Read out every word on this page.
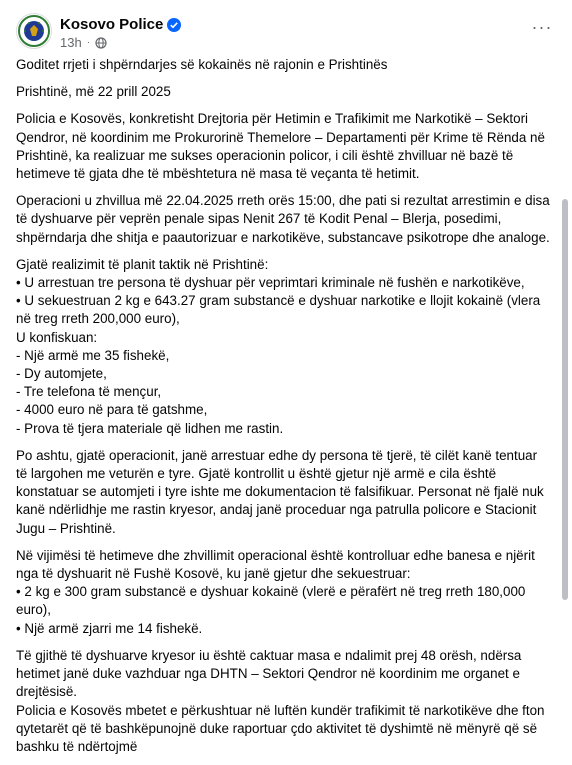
Kosovo Police
13h ·
···

Goditet rrjeti i shpërndarjes së kokainës në rajonin e Prishtinës

Prishtinë, më 22 prill 2025

Policia e Kosovës, konkretisht Drejtoria për Hetimin e Trafikimit me Narkotikë – Sektori Qendror, në koordinim me Prokurorinë Themelore – Departamenti për Krime të Rënda në Prishtinë, ka realizuar me sukses operacionin policor, i cili është zhvilluar në bazë të hetimeve të gjata dhe të mbështetura në masa të veçanta të hetimit.

Operacioni u zhvillua më 22.04.2025 rreth orës 15:00, dhe pati si rezultat arrestimin e disa të dyshuarve për veprën penale sipas Nenit 267 të Kodit Penal – Blerja, posedimi, shpërndarja dhe shitja e paautorizuar e narkotikëve, substancave psikotrope dhe analoge.

Gjatë realizimit të planit taktik në Prishtinë:
• U arrestuan tre persona të dyshuar për veprimtari kriminale në fushën e narkotikëve,
• U sekuestruan 2 kg e 643.27 gram substancë e dyshuar narkotike e llojit kokainë (vlera në treg rreth 200,000 euro),
U konfiskuan:
- Një armë me 35 fishekë,
- Dy automjete,
- Tre telefona të mençur,
- 4000 euro në para të gatshme,
- Prova të tjera materiale që lidhen me rastin.

Po ashtu, gjatë operacionit, janë arrestuar edhe dy persona të tjerë, të cilët kanë tentuar të largohen me veturën e tyre. Gjatë kontrollit u është gjetur një armë e cila është konstatuar se automjeti i tyre ishte me dokumentacion të falsifikuar. Personat në fjalë nuk kanë ndërlidhje me rastin kryesor, andaj janë proceduar nga patrulla policore e Stacionit Jugu – Prishtinë.

Në vijimësi të hetimeve dhe zhvillimit operacional është kontrolluar edhe banesa e njërit nga të dyshuarit në Fushë Kosovë, ku janë gjetur dhe sekuestruar:
• 2 kg e 300 gram substancë e dyshuar kokainë (vlerë e përafërt në treg rreth 180,000 euro),
• Një armë zjarri me 14 fishekë.

Të gjithë të dyshuarve kryesor iu është caktuar masa e ndalimit prej 48 orësh, ndërsa hetimet janë duke vazhduar nga DHTN – Sektori Qendror në koordinim me organet e drejtësisë.
Policia e Kosovës mbetet e përkushtuar në luftën kundër trafikimit të narkotikëve dhe fton qytetarët që të bashkëpunojnë duke raportuar çdo aktivitet të dyshimtë në mënyrë që së bashku të ndërtojmë
